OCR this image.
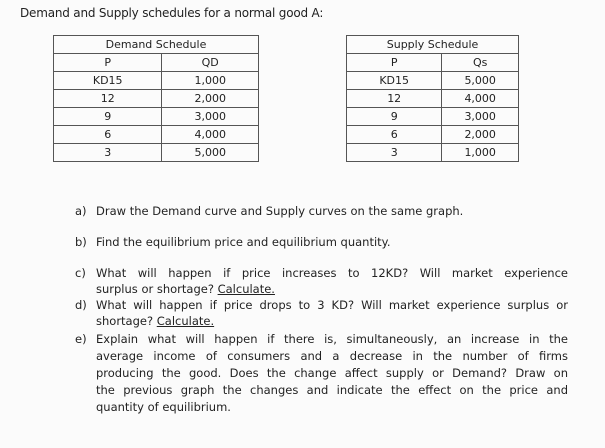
Demand and Supply schedules for a normal good A:
Demand Schedule	
P	QD
KD15	1,000
12	2,000
9	3,000
6	4,000
3	5,000
Supply Schedule	
P	Qs
KD15	5,000
12	4,000
9	3,000
6	2,000
3	1,000
a) Draw the Demand curve and Supply curves on the same graph.
b) Find the equilibrium price and equilibrium quantity.
c) What will happen if price increases to 12KD? Will market experience
surplus or shortage? Calculate.
d) What will happen if price drops to 3 KD? Will market experience surplus or
shortage? Calculate.
e) Explain what will happen if there is, simultaneously, an increase in the
average income of consumers and a decrease in the number of firms
producing the good. Does the change affect supply or Demand? Draw on
the previous graph the changes and indicate the effect on the price and
quantity of equilibrium.
